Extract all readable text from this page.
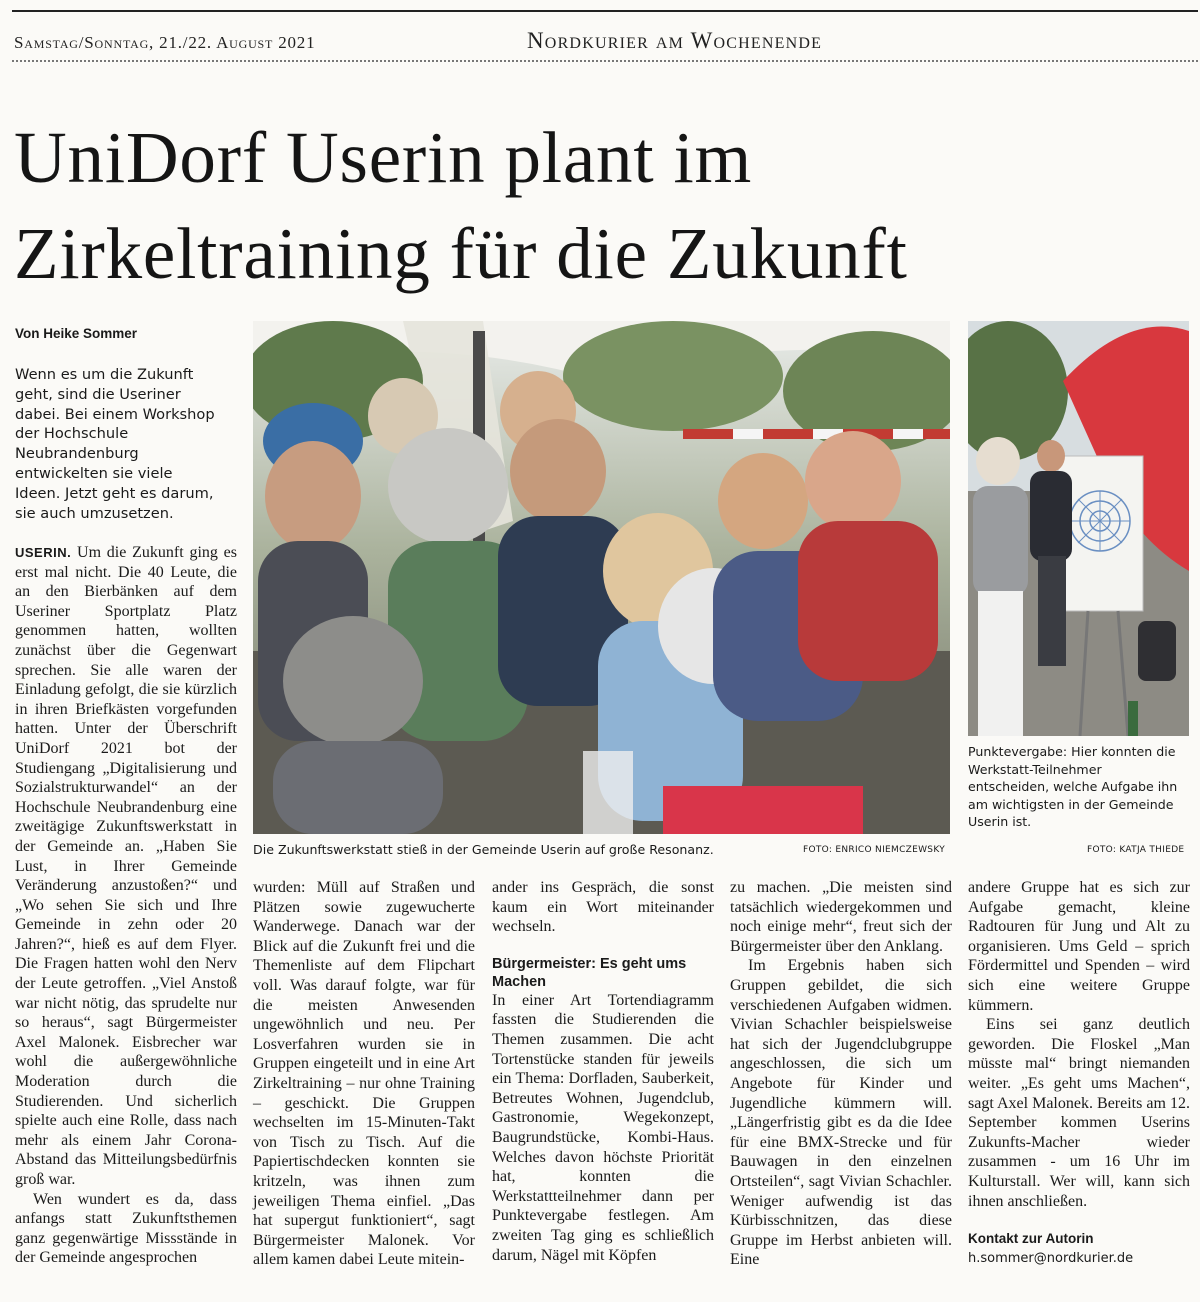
Samstag/Sonntag, 21./22. August 2021	Nordkurier am Wochenende
UniDorf Userin plant im
Zirkeltraining für die Zukunft
Von Heike Sommer
Wenn es um die Zukunft geht, sind die Useriner dabei. Bei einem Workshop der Hochschule Neubrandenburg entwickelten sie viele Ideen. Jetzt geht es darum, sie auch umzusetzen.
Die Zukunftswerkstatt stieß in der Gemeinde Userin auf große Resonanz.	FOTO: ENRICO NIEMCZEWSKY
Punktevergabe: Hier konnten die Werkstatt-Teilnehmer entscheiden, welche Aufgabe ihn am wichtigsten in der Gemeinde Userin ist.
FOTO: KATJA THIEDE

USERIN. Um die Zukunft ging es erst mal nicht. Die 40 Leute, die an den Bierbänken auf dem Useriner Sportplatz Platz genommen hatten, wollten zunächst über die Gegenwart sprechen. Sie alle waren der Einladung gefolgt, die sie kürzlich in ihren Briefkästen vorgefunden hatten. Unter der Überschrift UniDorf 2021 bot der Studiengang „Digitalisierung und Sozialstrukturwandel“ an der Hochschule Neubrandenburg eine zweitägige Zukunftswerkstatt in der Gemeinde an. „Haben Sie Lust, in Ihrer Gemeinde Veränderung anzustoßen?“ und „Wo sehen Sie sich und Ihre Gemeinde in zehn oder 20 Jahren?“, hieß es auf dem Flyer. Die Fragen hatten wohl den Nerv der Leute getroffen. „Viel Anstoß war nicht nötig, das sprudelte nur so heraus“, sagt Bürgermeister Axel Malonek. Eisbrecher war wohl die außergewöhnliche Moderation durch die Studierenden. Und sicherlich spielte auch eine Rolle, dass nach mehr als einem Jahr Corona-Abstand das Mitteilungsbedürfnis groß war.

Wen wundert es da, dass anfangs statt Zukunftsthemen ganz gegenwärtige Missstände in der Gemeinde angesprochen

wurden: Müll auf Straßen und Plätzen sowie zugewucherte Wanderwege. Danach war der Blick auf die Zukunft frei und die Themenliste auf dem Flipchart voll. Was darauf folgte, war für die meisten Anwesenden ungewöhnlich und neu. Per Losverfahren wurden sie in Gruppen eingeteilt und in eine Art Zirkeltraining – nur ohne Training – geschickt. Die Gruppen wechselten im 15-Minuten-Takt von Tisch zu Tisch. Auf die Papiertischdecken konnten sie kritzeln, was ihnen zum jeweiligen Thema einfiel. „Das hat supergut funktioniert“, sagt Bürgermeister Malonek. Vor allem kamen dabei Leute mitein-

ander ins Gespräch, die sonst kaum ein Wort miteinander wechseln.

Bürgermeister: Es geht ums Machen

In einer Art Tortendiagramm fassten die Studierenden die Themen zusammen. Die acht Tortenstücke standen für jeweils ein Thema: Dorfladen, Sauberkeit, Betreutes Wohnen, Jugendclub, Gastronomie, Wegekonzept, Baugrundstücke, Kombi-Haus. Welches davon höchste Priorität hat, konnten die Werkstattteilnehmer dann per Punktevergabe festlegen. Am zweiten Tag ging es schließlich darum, Nägel mit Köpfen

zu machen. „Die meisten sind tatsächlich wiedergekommen und noch einige mehr“, freut sich der Bürgermeister über den Anklang.

Im Ergebnis haben sich Gruppen gebildet, die sich verschiedenen Aufgaben widmen. Vivian Schachler beispielsweise hat sich der Jugendclubgruppe angeschlossen, die sich um Angebote für Kinder und Jugendliche kümmern will. „Längerfristig gibt es da die Idee für eine BMX-Strecke und für Bauwagen in den einzelnen Ortsteilen“, sagt Vivian Schachler. Weniger aufwendig ist das Kürbisschnitzen, das diese Gruppe im Herbst anbieten will. Eine

andere Gruppe hat es sich zur Aufgabe gemacht, kleine Radtouren für Jung und Alt zu organisieren. Ums Geld – sprich Fördermittel und Spenden – wird sich eine weitere Gruppe kümmern.

Eins sei ganz deutlich geworden. Die Floskel „Man müsste mal“ bringt niemanden weiter. „Es geht ums Machen“, sagt Axel Malonek. Bereits am 12. September kommen Userins Zukunfts-Macher wieder zusammen - um 16 Uhr im Kulturstall. Wer will, kann sich ihnen anschließen.

Kontakt zur Autorin
h.sommer@nordkurier.de
